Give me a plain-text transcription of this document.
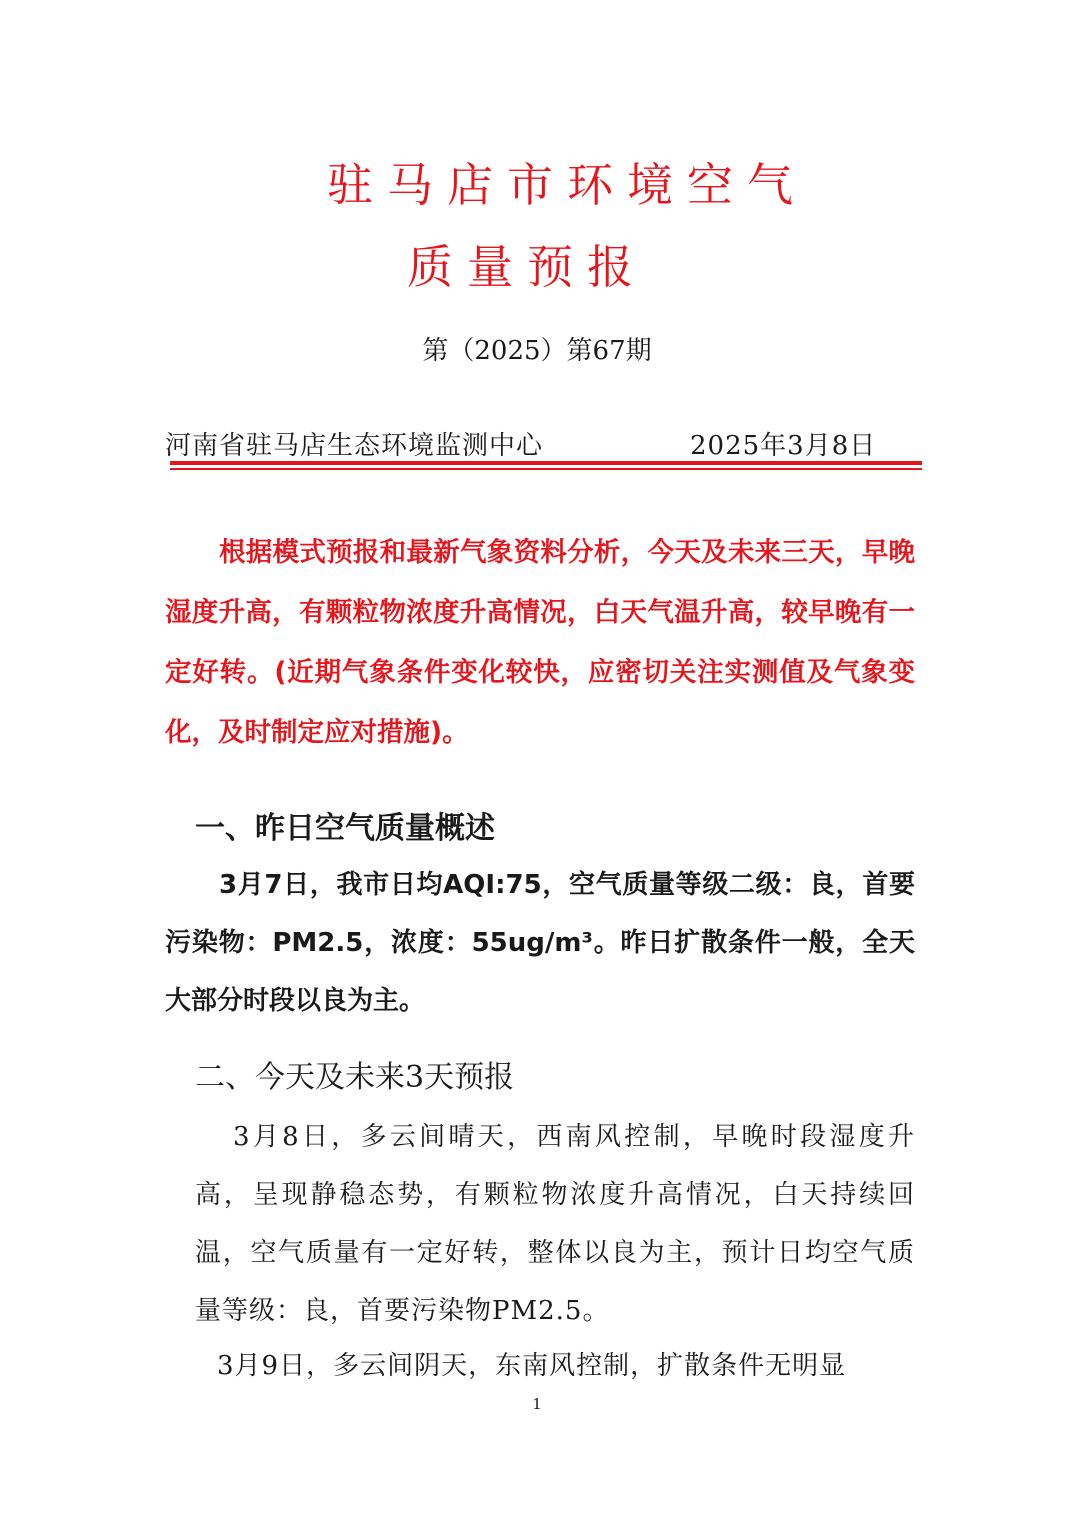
驻马店市环境空气
质量预报
第（2025）第67期
河南省驻马店生态环境监测中心	2025年3月8日

根据模式预报和最新气象资料分析，今天及未来三天，早晚湿度升高，有颗粒物浓度升高情况，白天气温升高，较早晚有一定好转。(近期气象条件变化较快，应密切关注实测值及气象变化，及时制定应对措施)。

一、昨日空气质量概述

3月7日，我市日均AQI:75，空气质量等级二级：良，首要污染物：PM2.5，浓度：55ug/m³。昨日扩散条件一般，全天大部分时段以良为主。

二、今天及未来3天预报

3月8日，多云间晴天，西南风控制，早晚时段湿度升高，呈现静稳态势，有颗粒物浓度升高情况，白天持续回温，空气质量有一定好转，整体以良为主，预计日均空气质量等级：良，首要污染物PM2.5。

3月9日，多云间阴天，东南风控制，扩散条件无明显

1
